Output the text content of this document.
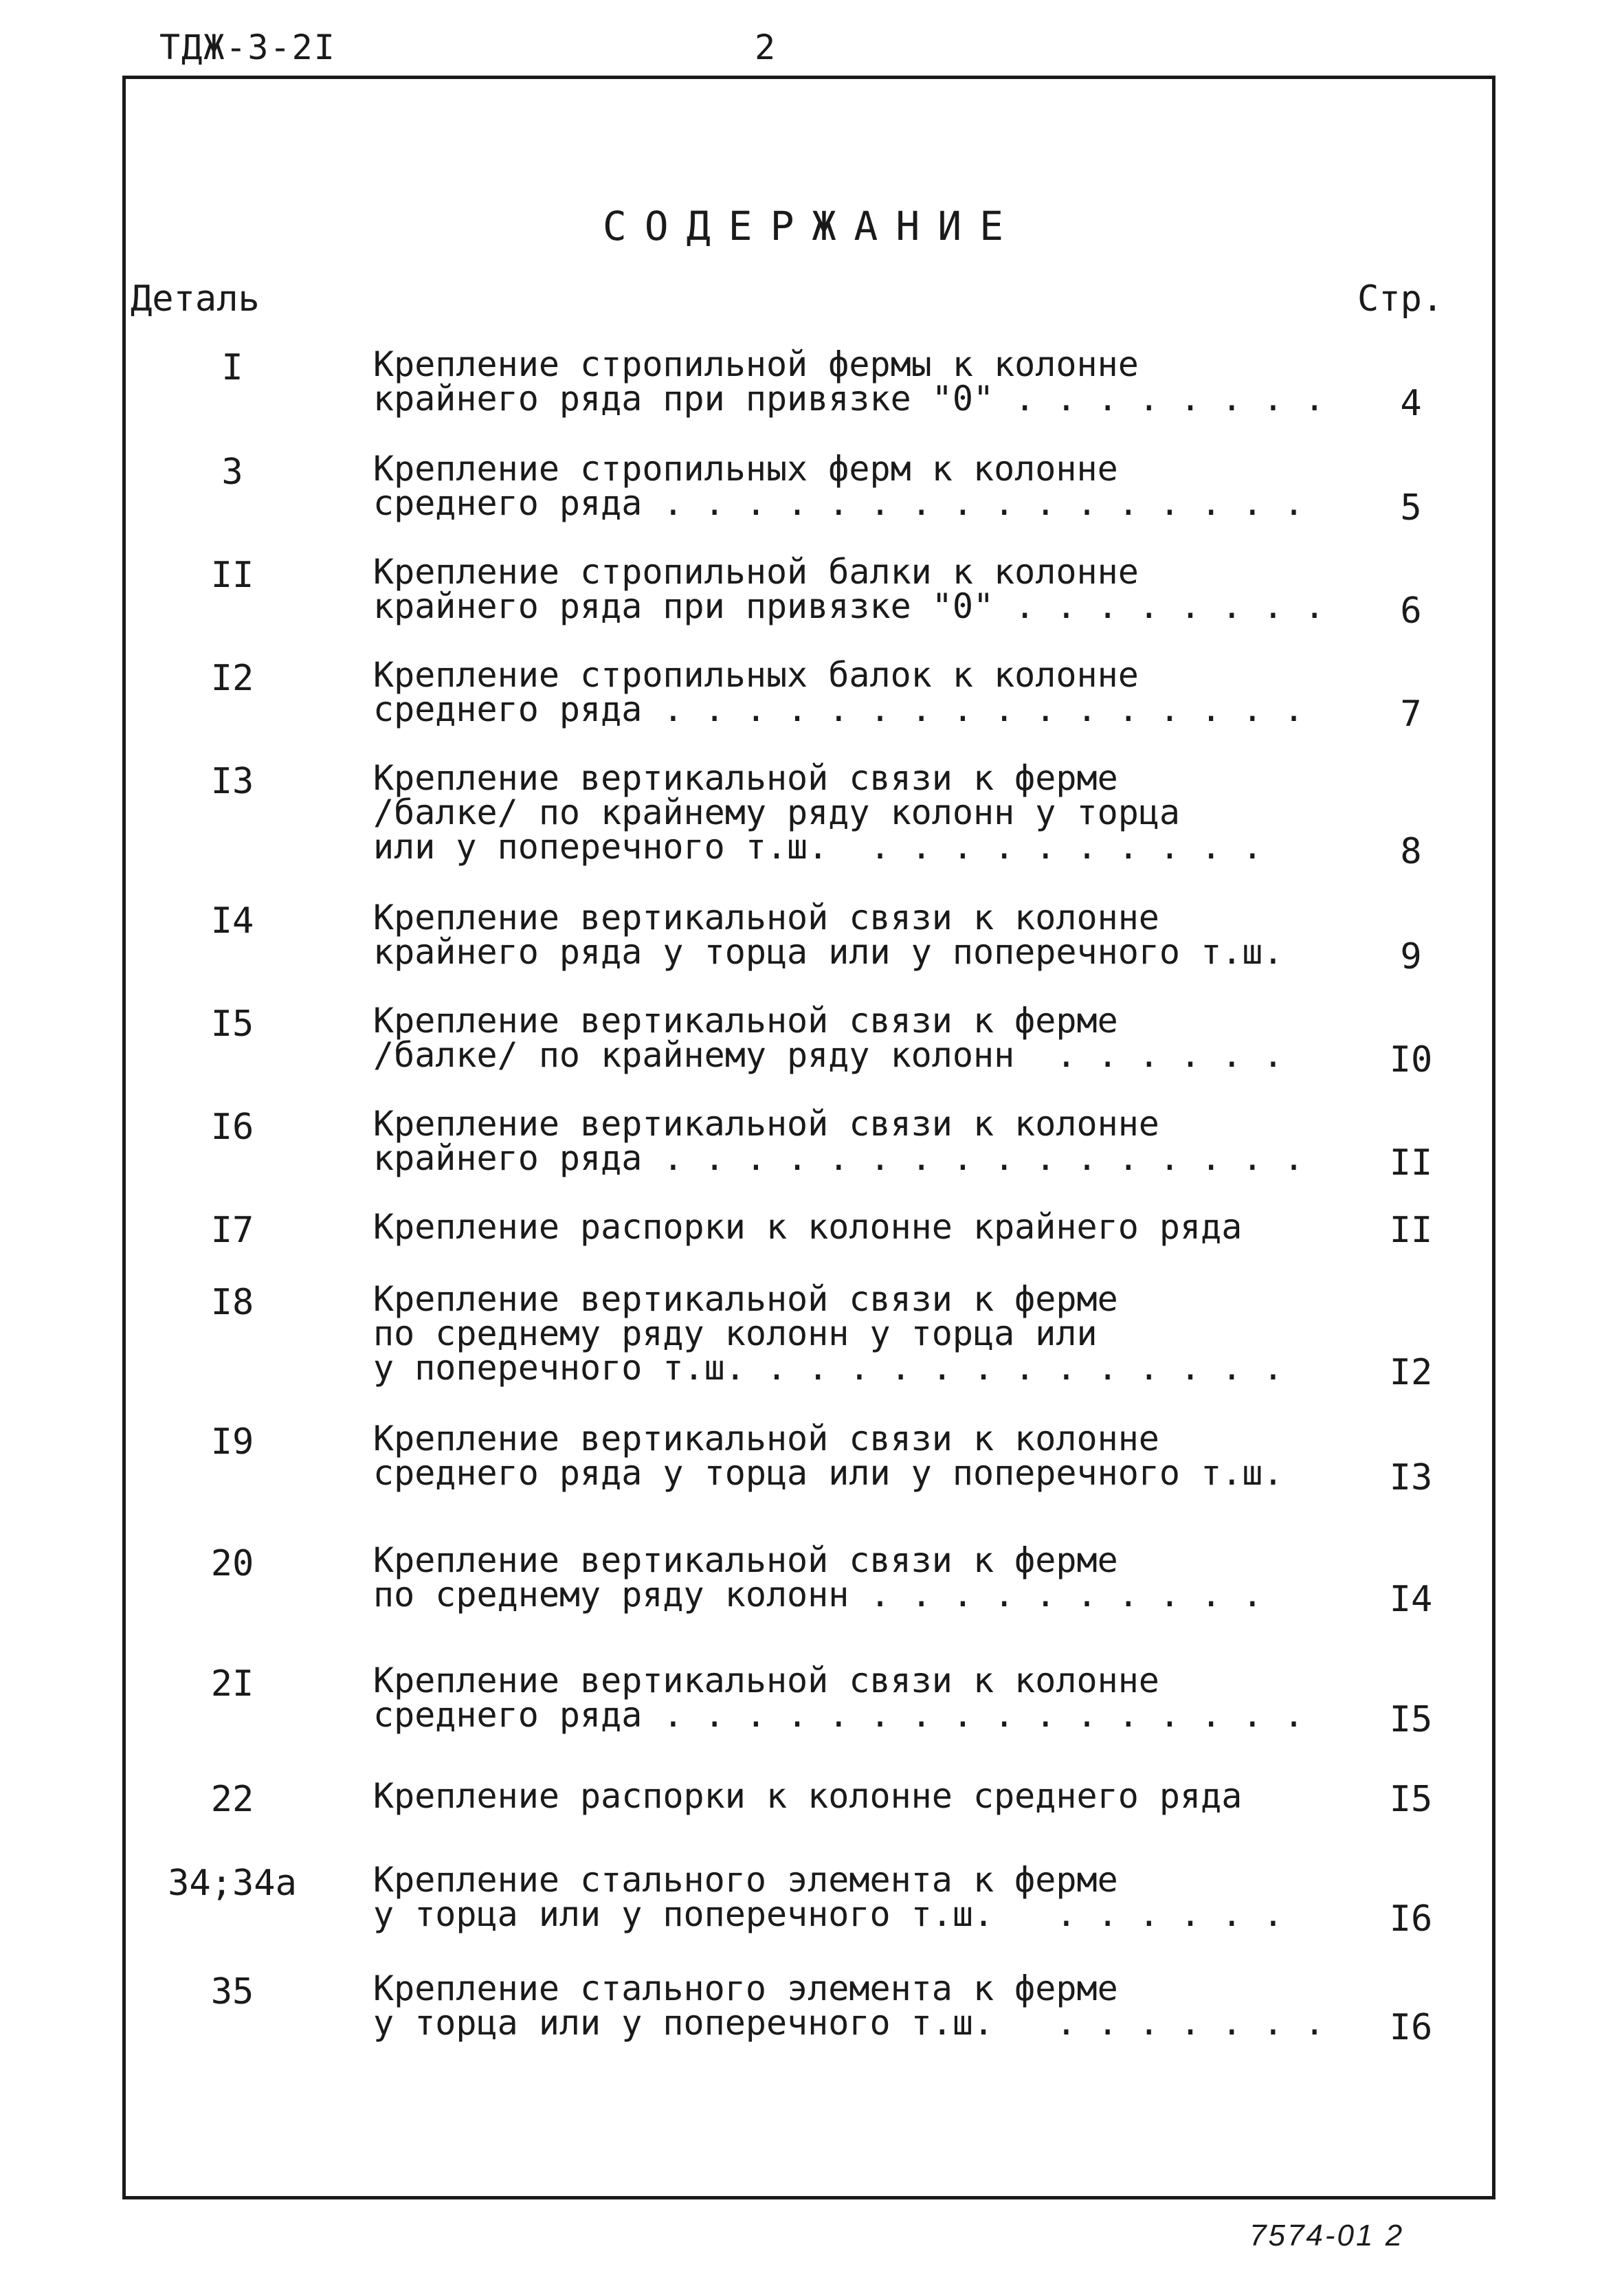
ТДЖ-3-2I	2
СОДЕРЖАНИЕ
Деталь	Стр.
I	Крепление стропильной фермы к колонне
крайнего ряда при привязке "0" . . . . . . . .	4
3	Крепление стропильных ферм к колонне
среднего ряда . . . . . . . . . . . . . . . .	5
II	Крепление стропильной балки к колонне
крайнего ряда при привязке "0" . . . . . . . .	6
I2	Крепление стропильных балок к колонне
среднего ряда . . . . . . . . . . . . . . . .	7
I3	Крепление вертикальной связи к ферме
/балке/ по крайнему ряду колонн у торца
или у поперечного т.ш.  . . . . . . . . . .	8
I4	Крепление вертикальной связи к колонне
крайнего ряда у торца или у поперечного т.ш.	9
I5	Крепление вертикальной связи к ферме
/балке/ по крайнему ряду колонн  . . . . . .	I0
I6	Крепление вертикальной связи к колонне
крайнего ряда . . . . . . . . . . . . . . . .	II
I7	Крепление распорки к колонне крайнего ряда	II
I8	Крепление вертикальной связи к ферме
по среднему ряду колонн у торца или
у поперечного т.ш. . . . . . . . . . . . . .	I2
I9	Крепление вертикальной связи к колонне
среднего ряда у торца или у поперечного т.ш.	I3
20	Крепление вертикальной связи к ферме
по среднему ряду колонн . . . . . . . . . .	I4
2I	Крепление вертикальной связи к колонне
среднего ряда . . . . . . . . . . . . . . . .	I5
22	Крепление распорки к колонне среднего ряда	I5
34;34а Крепление стального элемента к ферме
у торца или у поперечного т.ш.   . . . . . .	I6
35	Крепление стального элемента к ферме
у торца или у поперечного т.ш.   . . . . . . .	I6
7574-01 2
